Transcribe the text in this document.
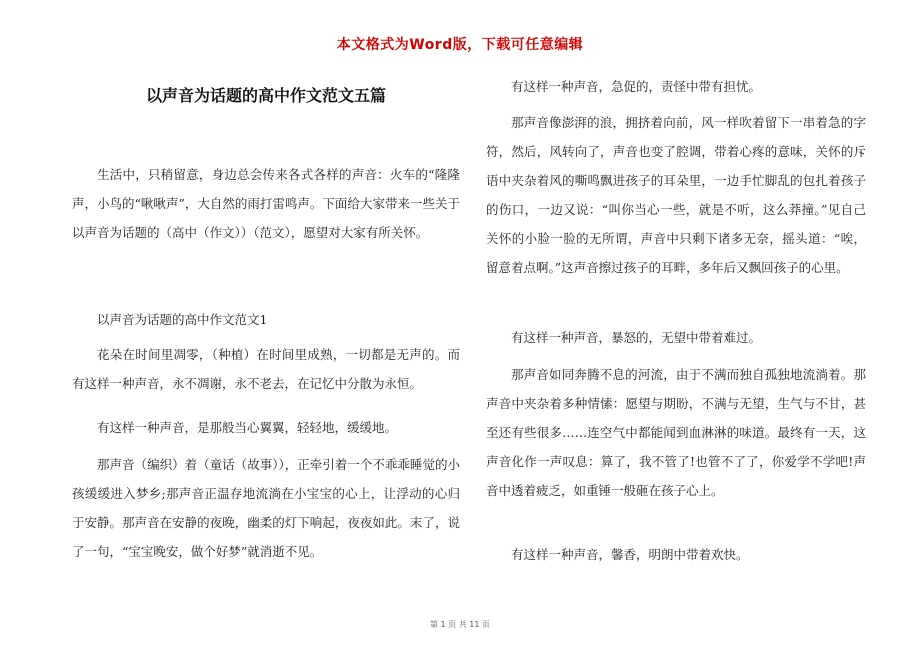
本文格式为Word版，下载可任意编辑
以声音为话题的高中作文范文五篇
生活中，只稍留意，身边总会传来各式各样的声音：火车的“隆隆声，小鸟的“啾啾声”，大自然的雨打雷鸣声。下面给大家带来一些关于以声音为话题的（高中（作文））（范文），愿望对大家有所关怀。
以声音为话题的高中作文范文1
花朵在时间里凋零，（种植）在时间里成熟，一切都是无声的。而有这样一种声音，永不凋谢，永不老去，在记忆中分散为永恒。
有这样一种声音，是那般当心翼翼，轻轻地，缓缓地。
那声音（编织）着（童话（故事）），正牵引着一个不乖乖睡觉的小孩缓缓进入梦乡;那声音正温存地流淌在小宝宝的心上，让浮动的心归于安静。那声音在安静的夜晚，幽柔的灯下响起，夜夜如此。末了，说了一句，“宝宝晚安，做个好梦”就消逝不见。
有这样一种声音，急促的，责怪中带有担忧。
那声音像澎湃的浪，拥挤着向前，风一样吹着留下一串着急的字符，然后，风转向了，声音也变了腔调，带着心疼的意味，关怀的斥语中夹杂着风的嘶鸣飘进孩子的耳朵里，一边手忙脚乱的包扎着孩子的伤口，一边又说：“叫你当心一些，就是不听，这么莽撞。”见自己关怀的小脸一脸的无所谓，声音中只剩下诸多无奈，摇头道：“唉，留意着点啊。”这声音擦过孩子的耳畔，多年后又飘回孩子的心里。
有这样一种声音，暴怒的，无望中带着难过。
那声音如同奔腾不息的河流，由于不满而独自孤独地流淌着。那声音中夹杂着多种情愫：愿望与期盼，不满与无望，生气与不甘，甚至还有些很多……连空气中都能闻到血淋淋的味道。最终有一天，这声音化作一声叹息：算了，我不管了!也管不了了，你爱学不学吧!声音中透着疲乏，如重锤一般砸在孩子心上。
有这样一种声音，馨香，明朗中带着欢快。
第 1 页 共 11 页
